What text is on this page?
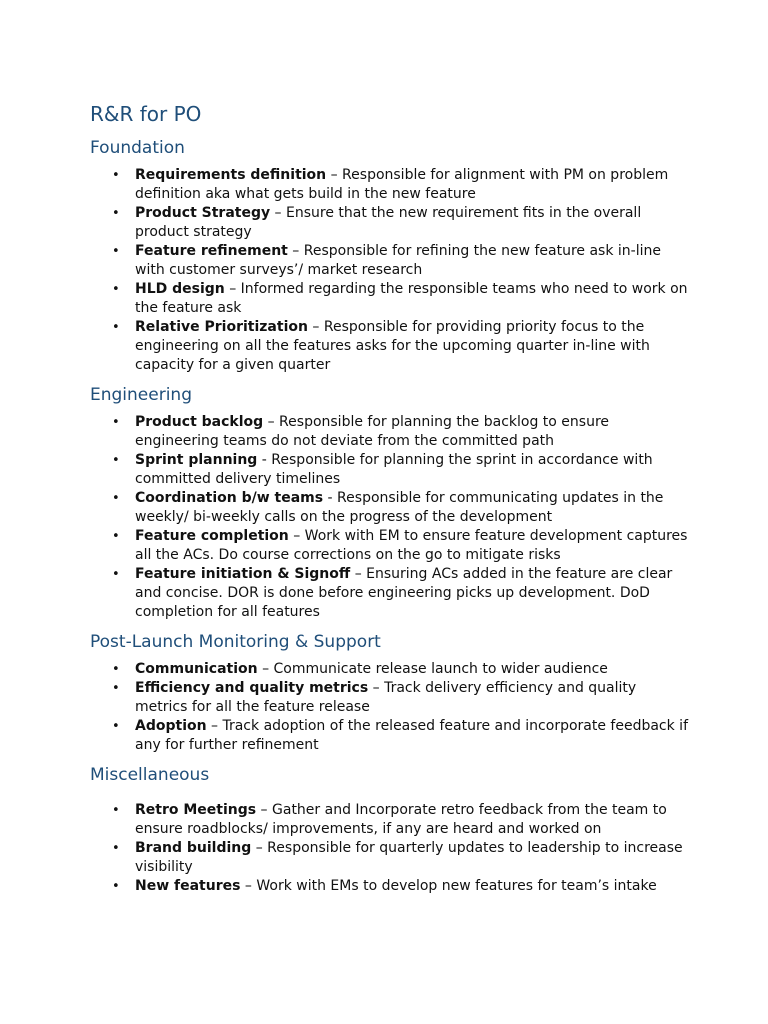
R&R for PO
Foundation
• Requirements definition – Responsible for alignment with PM on problem definition aka what gets build in the new feature
• Product Strategy – Ensure that the new requirement fits in the overall product strategy
• Feature refinement – Responsible for refining the new feature ask in-line with customer surveys’/ market research
• HLD design – Informed regarding the responsible teams who need to work on the feature ask
• Relative Prioritization – Responsible for providing priority focus to the engineering on all the features asks for the upcoming quarter in-line with capacity for a given quarter
Engineering
• Product backlog – Responsible for planning the backlog to ensure engineering teams do not deviate from the committed path
• Sprint planning - Responsible for planning the sprint in accordance with committed delivery timelines
• Coordination b/w teams - Responsible for communicating updates in the weekly/ bi-weekly calls on the progress of the development
• Feature completion – Work with EM to ensure feature development captures all the ACs. Do course corrections on the go to mitigate risks
• Feature initiation & Signoff – Ensuring ACs added in the feature are clear and concise. DOR is done before engineering picks up development. DoD completion for all features
Post-Launch Monitoring & Support
• Communication – Communicate release launch to wider audience
• Efficiency and quality metrics – Track delivery efficiency and quality metrics for all the feature release
• Adoption – Track adoption of the released feature and incorporate feedback if any for further refinement
Miscellaneous
• Retro Meetings – Gather and Incorporate retro feedback from the team to ensure roadblocks/ improvements, if any are heard and worked on
• Brand building – Responsible for quarterly updates to leadership to increase visibility
• New features – Work with EMs to develop new features for team’s intake
